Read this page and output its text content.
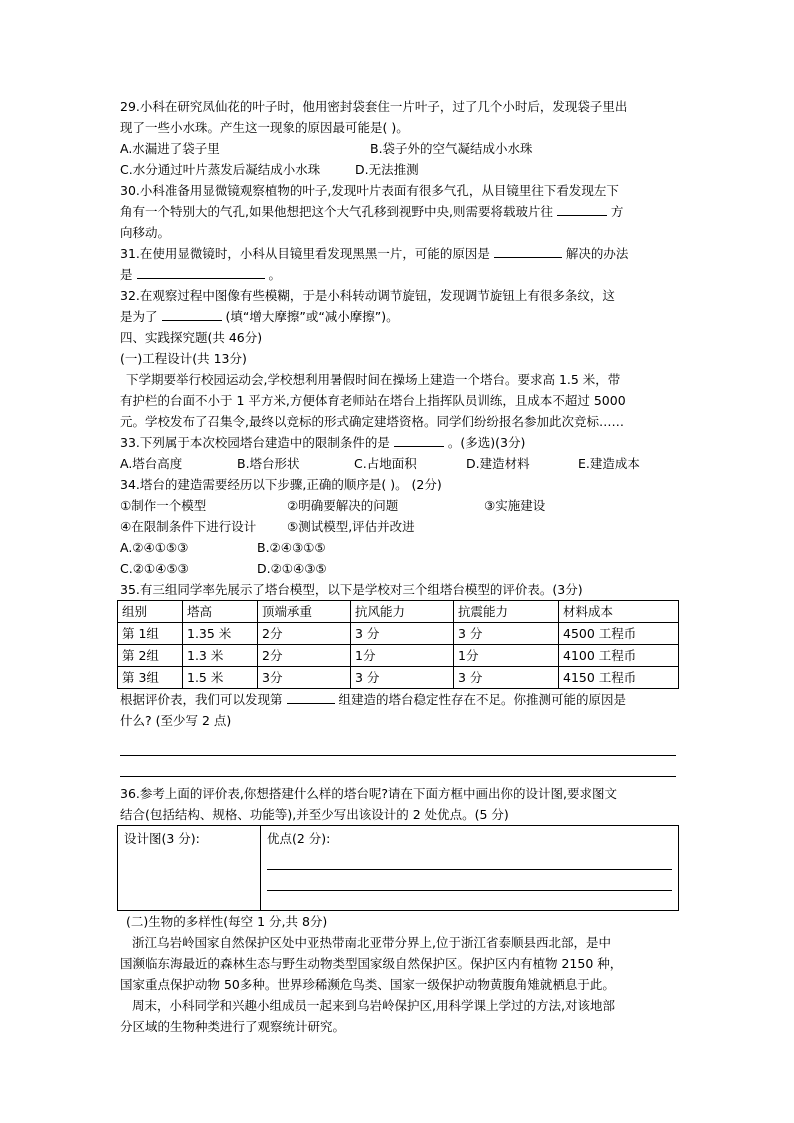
29.小科在研究凤仙花的叶子时，他用密封袋套住一片叶子，过了几个小时后，发现袋子里出

现了一些小水珠。产生这一现象的原因最可能是( )。

A.水漏进了袋子里	B.袋子外的空气凝结成小水珠
C.水分通过叶片蒸发后凝结成小水珠	D.无法推测

30.小科准备用显微镜观察植物的叶子,发现叶片表面有很多气孔，从目镜里往下看发现左下

角有一个特别大的气孔,如果他想把这个大气孔移到视野中央,则需要将载玻片往	方

向移动。

31.在使用显微镜时，小科从目镜里看发现黑黑一片，可能的原因是	解决的办法

是	。

32.在观察过程中图像有些模糊，于是小科转动调节旋钮，发现调节旋钮上有很多条纹，这

是为了	(填“增大摩擦”或“减小摩擦”)。

四、实践探究题(共 46分)

(一)工程设计(共 13分)

下学期要举行校园运动会,学校想利用暑假时间在操场上建造一个塔台。要求高 1.5 米，带

有护栏的台面不小于 1 平方米,方便体育老师站在塔台上指挥队员训练，且成本不超过 5000

元。学校发布了召集令,最终以竞标的形式确定建塔资格。同学们纷纷报名参加此次竞标……

33.下列属于本次校园塔台建造中的限制条件的是	。(多选)(3分)

A.塔台高度	B.塔台形状	C.占地面积	D.建造材料	E.建造成本

34.塔台的建造需要经历以下步骤,正确的顺序是( )。 (2分)

①制作一个模型	②明确要解决的问题	③实施建设
④在限制条件下进行设计	⑤测试模型,评估并改进
A.②④①⑤③	B.②④③①⑤
C.②①④⑤③	D.②①④③⑤

35.有三组同学率先展示了塔台模型，以下是学校对三个组塔台模型的评价表。(3分)

组别	塔高	顶端承重	抗风能力	抗震能力	材料成本
第 1组	1.35 米	2分	3 分	3 分	4500 工程币
第 2组	1.3 米	2分	1分	1分	4100 工程币
第 3组	1.5 米	3分	3 分	3 分	4150 工程币

根据评价表，我们可以发现第	组建造的塔台稳定性存在不足。你推测可能的原因是

什么? (至少写 2 点)

36.参考上面的评价表,你想搭建什么样的塔台呢?请在下面方框中画出你的设计图,要求图文

结合(包括结构、规格、功能等),并至少写出该设计的 2 处优点。(5 分)

设计图(3 分):	优点(2 分):

(二)生物的多样性(每空 1 分,共 8分)

浙江乌岩岭国家自然保护区处中亚热带南北亚带分界上,位于浙江省泰顺县西北部，是中

国濒临东海最近的森林生态与野生动物类型国家级自然保护区。保护区内有植物 2150 种，

国家重点保护动物 50多种。世界珍稀濒危鸟类、国家一级保护动物黄腹角雉就栖息于此。

周末，小科同学和兴趣小组成员一起来到乌岩岭保护区,用科学课上学过的方法,对该地部

分区域的生物种类进行了观察统计研究。
